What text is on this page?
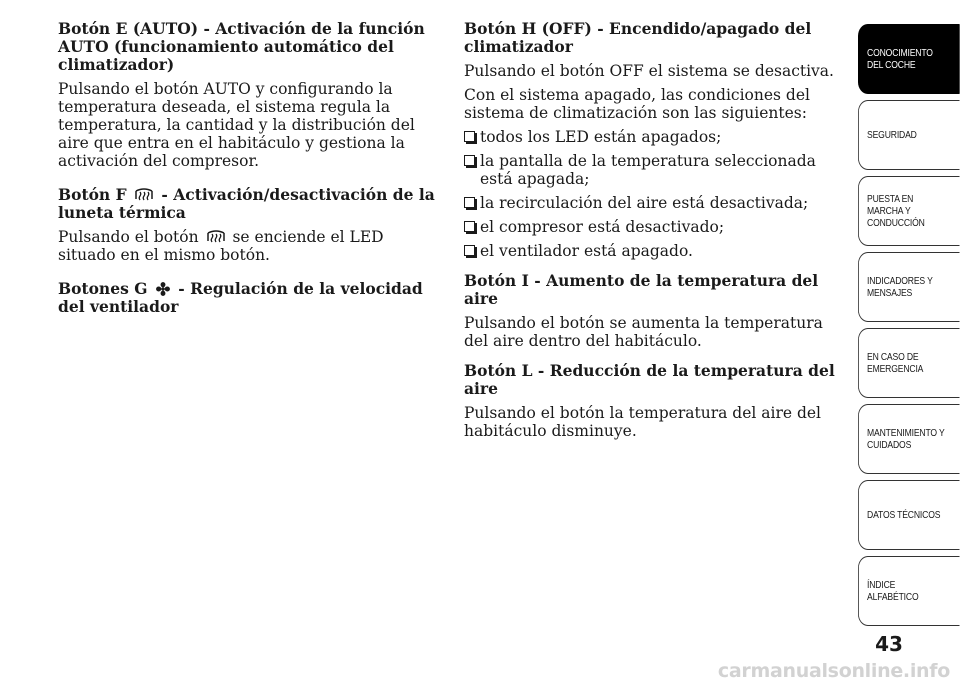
Botón E (AUTO) - Activación de la función AUTO (funcionamiento automático del climatizador)

Pulsando el botón AUTO y configurando la temperatura deseada, el sistema regula la temperatura, la cantidad y la distribución del aire que entra en el habitáculo y gestiona la activación del compresor.

Botón F - Activación/desactivación de la luneta térmica

Pulsando el botón se enciende el LED situado en el mismo botón.

Botones G - Regulación de la velocidad del ventilador
Botón H (OFF) - Encendido/apagado del climatizador

Pulsando el botón OFF el sistema se desactiva.

Con el sistema apagado, las condiciones del sistema de climatización son las siguientes:

todos los LED están apagados;
la pantalla de la temperatura seleccionada está apagada;
la recirculación del aire está desactivada;
el compresor está desactivado;
el ventilador está apagado.
Botón I - Aumento de la temperatura del aire

Pulsando el botón se aumenta la temperatura del aire dentro del habitáculo.

Botón L - Reducción de la temperatura del aire

Pulsando el botón la temperatura del aire del habitáculo disminuye.

CONOCIMIENTO
DEL COCHE
SEGURIDAD
PUESTA EN
MARCHA Y
CONDUCCIÓN
INDICADORES Y
MENSAJES
EN CASO DE
EMERGENCIA
MANTENIMIENTO Y
CUIDADOS
DATOS TÉCNICOS
ÍNDICE
ALFABÉTICO
43
carmanualsonline.info
